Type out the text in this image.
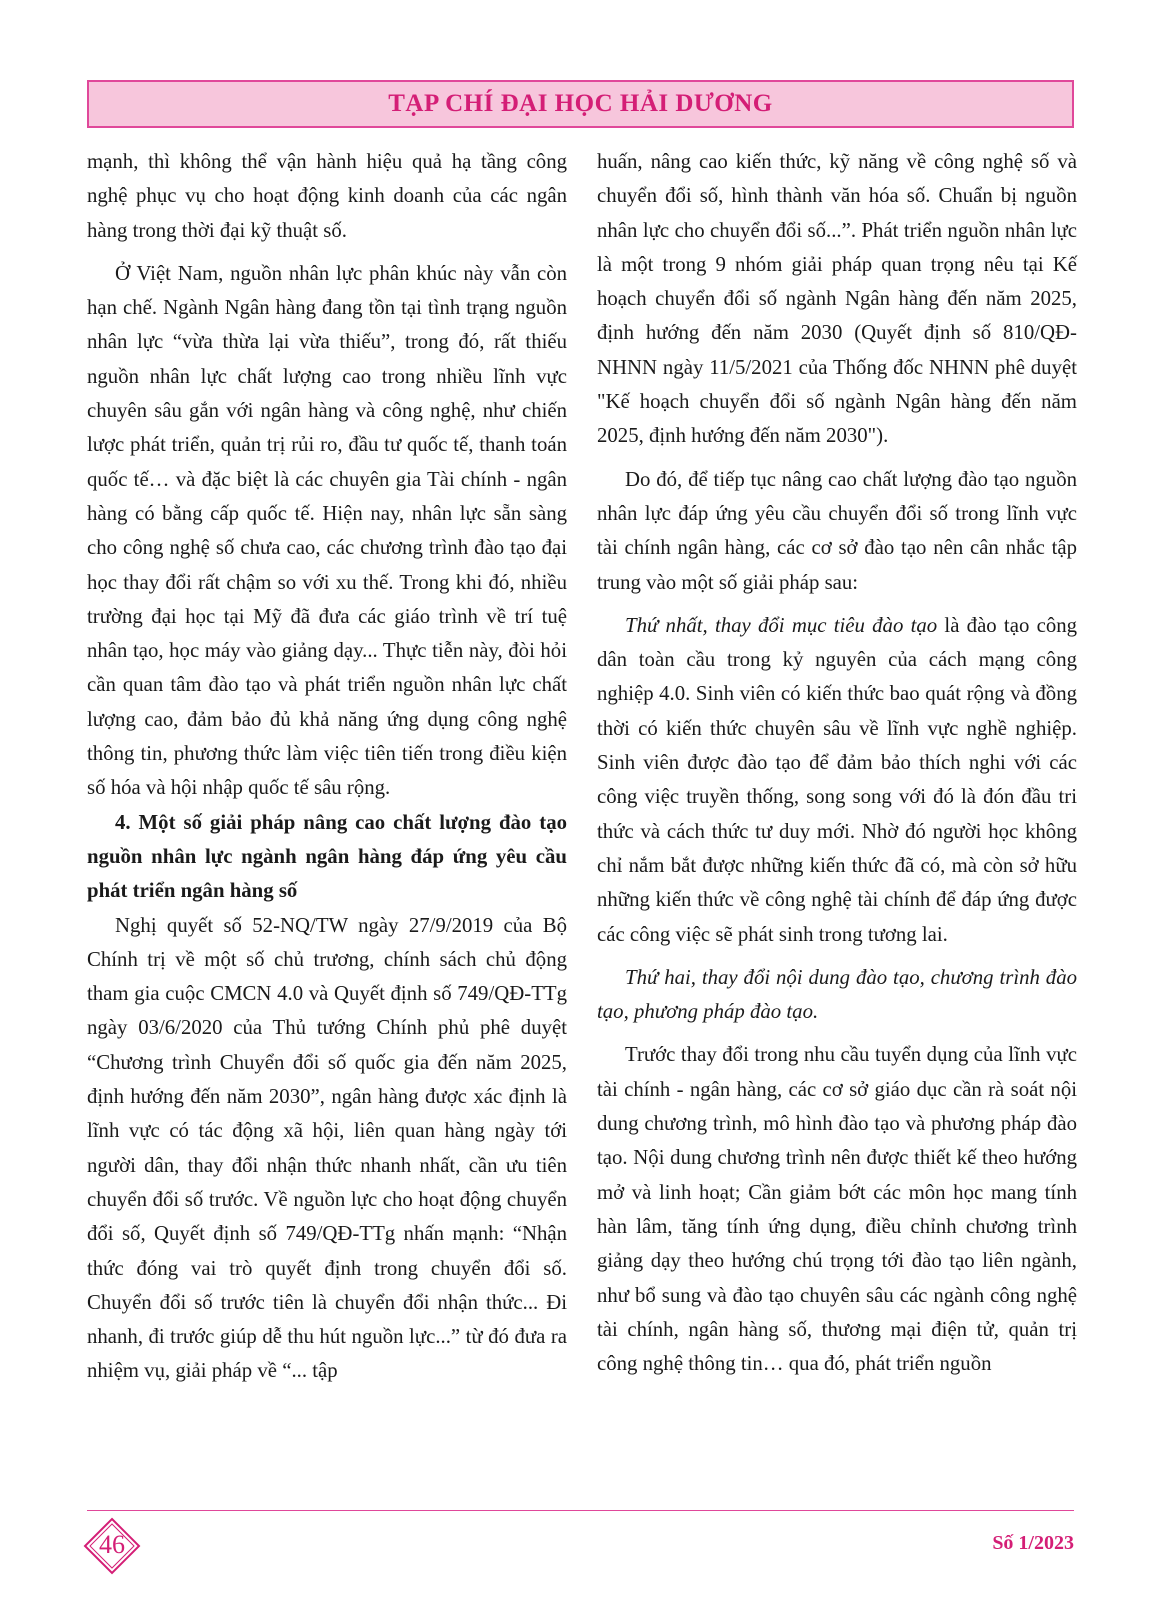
TẠP CHÍ ĐẠI HỌC HẢI DƯƠNG

mạnh, thì không thể vận hành hiệu quả hạ tầng công nghệ phục vụ cho hoạt động kinh doanh của các ngân hàng trong thời đại kỹ thuật số.

Ở Việt Nam, nguồn nhân lực phân khúc này vẫn còn hạn chế. Ngành Ngân hàng đang tồn tại tình trạng nguồn nhân lực “vừa thừa lại vừa thiếu”, trong đó, rất thiếu nguồn nhân lực chất lượng cao trong nhiều lĩnh vực chuyên sâu gắn với ngân hàng và công nghệ, như chiến lược phát triển, quản trị rủi ro, đầu tư quốc tế, thanh toán quốc tế… và đặc biệt là các chuyên gia Tài chính - ngân hàng có bằng cấp quốc tế. Hiện nay, nhân lực sẵn sàng cho công nghệ số chưa cao, các chương trình đào tạo đại học thay đổi rất chậm so với xu thế. Trong khi đó, nhiều trường đại học tại Mỹ đã đưa các giáo trình về trí tuệ nhân tạo, học máy vào giảng dạy... Thực tiễn này, đòi hỏi cần quan tâm đào tạo và phát triển nguồn nhân lực chất lượng cao, đảm bảo đủ khả năng ứng dụng công nghệ thông tin, phương thức làm việc tiên tiến trong điều kiện số hóa và hội nhập quốc tế sâu rộng.

4. Một số giải pháp nâng cao chất lượng đào tạo nguồn nhân lực ngành ngân hàng đáp ứng yêu cầu phát triển ngân hàng số

Nghị quyết số 52-NQ/TW ngày 27/9/2019 của Bộ Chính trị về một số chủ trương, chính sách chủ động tham gia cuộc CMCN 4.0 và Quyết định số 749/QĐ-TTg ngày 03/6/2020 của Thủ tướng Chính phủ phê duyệt “Chương trình Chuyển đổi số quốc gia đến năm 2025, định hướng đến năm 2030”, ngân hàng được xác định là lĩnh vực có tác động xã hội, liên quan hàng ngày tới người dân, thay đổi nhận thức nhanh nhất, cần ưu tiên chuyển đổi số trước. Về nguồn lực cho hoạt động chuyển đổi số, Quyết định số 749/QĐ-TTg nhấn mạnh: “Nhận thức đóng vai trò quyết định trong chuyển đổi số. Chuyển đổi số trước tiên là chuyển đổi nhận thức... Đi nhanh, đi trước giúp dễ thu hút nguồn lực...” từ đó đưa ra nhiệm vụ, giải pháp về “... tập

huấn, nâng cao kiến thức, kỹ năng về công nghệ số và chuyển đổi số, hình thành văn hóa số. Chuẩn bị nguồn nhân lực cho chuyển đổi số...”. Phát triển nguồn nhân lực là một trong 9 nhóm giải pháp quan trọng nêu tại Kế hoạch chuyển đổi số ngành Ngân hàng đến năm 2025, định hướng đến năm 2030 (Quyết định số 810/QĐ-NHNN ngày 11/5/2021 của Thống đốc NHNN phê duyệt "Kế hoạch chuyển đổi số ngành Ngân hàng đến năm 2025, định hướng đến năm 2030").

Do đó, để tiếp tục nâng cao chất lượng đào tạo nguồn nhân lực đáp ứng yêu cầu chuyển đổi số trong lĩnh vực tài chính ngân hàng, các cơ sở đào tạo nên cân nhắc tập trung vào một số giải pháp sau:

Thứ nhất, thay đổi mục tiêu đào tạo là đào tạo công dân toàn cầu trong kỷ nguyên của cách mạng công nghiệp 4.0. Sinh viên có kiến thức bao quát rộng và đồng thời có kiến thức chuyên sâu về lĩnh vực nghề nghiệp. Sinh viên được đào tạo để đảm bảo thích nghi với các công việc truyền thống, song song với đó là đón đầu tri thức và cách thức tư duy mới. Nhờ đó người học không chỉ nắm bắt được những kiến thức đã có, mà còn sở hữu những kiến thức về công nghệ tài chính để đáp ứng được các công việc sẽ phát sinh trong tương lai.

Thứ hai, thay đổi nội dung đào tạo, chương trình đào tạo, phương pháp đào tạo.

Trước thay đổi trong nhu cầu tuyển dụng của lĩnh vực tài chính - ngân hàng, các cơ sở giáo dục cần rà soát nội dung chương trình, mô hình đào tạo và phương pháp đào tạo. Nội dung chương trình nên được thiết kế theo hướng mở và linh hoạt; Cần giảm bớt các môn học mang tính hàn lâm, tăng tính ứng dụng, điều chỉnh chương trình giảng dạy theo hướng chú trọng tới đào tạo liên ngành, như bổ sung và đào tạo chuyên sâu các ngành công nghệ tài chính, ngân hàng số, thương mại điện tử, quản trị công nghệ thông tin… qua đó, phát triển nguồn

46	Số 1/2023
